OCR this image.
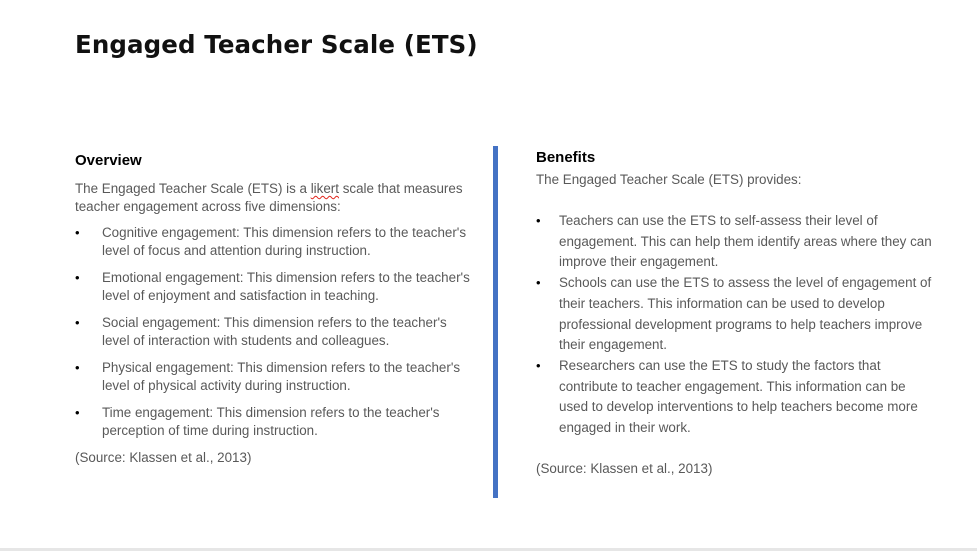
Engaged Teacher Scale (ETS)
Overview

The Engaged Teacher Scale (ETS) is a likert scale that measures teacher engagement across five dimensions:

• Cognitive engagement: This dimension refers to the teacher's level of focus and attention during instruction.
• Emotional engagement: This dimension refers to the teacher's level of enjoyment and satisfaction in teaching.
• Social engagement: This dimension refers to the teacher's level of interaction with students and colleagues.
• Physical engagement: This dimension refers to the teacher's level of physical activity during instruction.
• Time engagement: This dimension refers to the teacher's perception of time during instruction.

(Source: Klassen et al., 2013)

Benefits

The Engaged Teacher Scale (ETS) provides:

• Teachers can use the ETS to self-assess their level of engagement. This can help them identify areas where they can improve their engagement.
• Schools can use the ETS to assess the level of engagement of their teachers. This information can be used to develop professional development programs to help teachers improve their engagement.
• Researchers can use the ETS to study the factors that contribute to teacher engagement. This information can be used to develop interventions to help teachers become more engaged in their work.

(Source: Klassen et al., 2013)
